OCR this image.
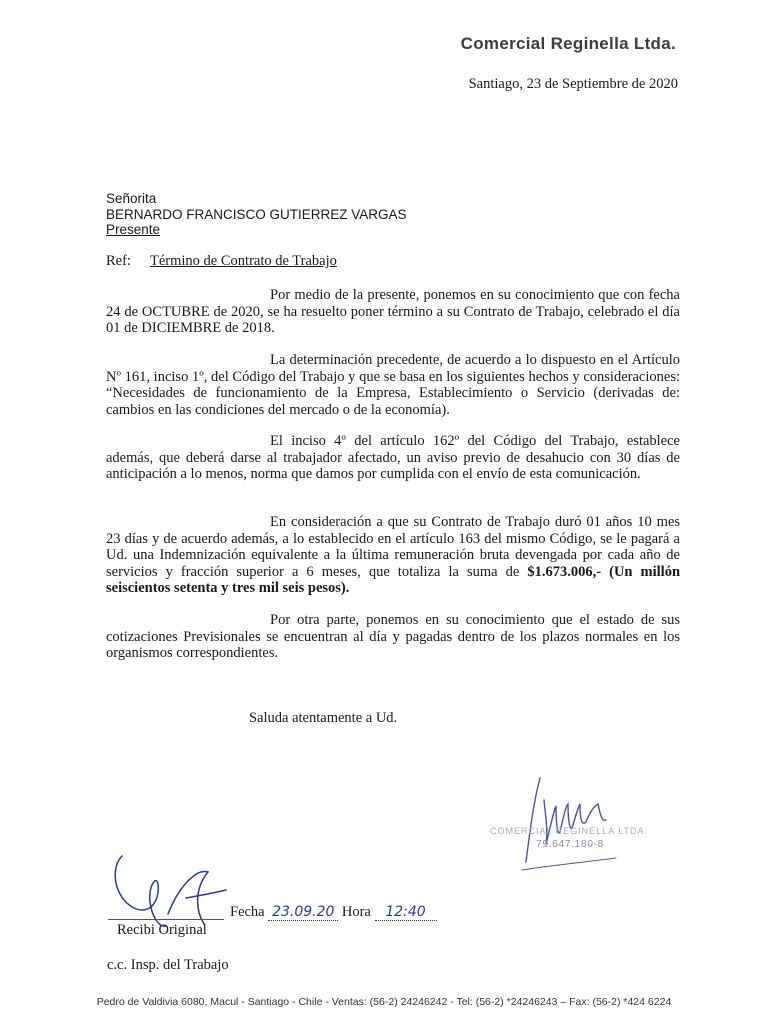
Comercial Reginella Ltda.
Santiago, 23 de Septiembre de 2020
Señorita
BERNARDO FRANCISCO GUTIERREZ VARGAS
Presente
Ref: Término de Contrato de Trabajo

Por medio de la presente, ponemos en su conocimiento que con fecha 24 de OCTUBRE de 2020, se ha resuelto poner término a su Contrato de Trabajo, celebrado el día 01 de DICIEMBRE de 2018.

La determinación precedente, de acuerdo a lo dispuesto en el Artículo Nº 161, inciso 1º, del Código del Trabajo y que se basa en los siguientes hechos y consideraciones: “Necesidades de funcionamiento de la Empresa, Establecimiento o Servicio (derivadas de: cambios en las condiciones del mercado o de la economía).

El inciso 4º del artículo 162º del Código del Trabajo, establece además, que deberá darse al trabajador afectado, un aviso previo de desahucio con 30 días de anticipación a lo menos, norma que damos por cumplida con el envío de esta comunicación.

En consideración a que su Contrato de Trabajo duró 01 años 10 mes 23 días y de acuerdo además, a lo establecido en el artículo 163 del mismo Código, se le pagará a Ud. una Indemnización equivalente a la última remuneración bruta devengada por cada año de servicios y fracción superior a 6 meses, que totaliza la suma de $1.673.006,- (Un millón seiscientos setenta y tres mil seis pesos).

Por otra parte, ponemos en su conocimiento que el estado de sus cotizaciones Previsionales se encuentran al día y pagadas dentro de los plazos normales en los organismos correspondientes.

Saluda atentamente a Ud.
COMERCIAL REGINELLA LTDA.
79.647.180-8
Fecha 23.09.20 Hora 12:40
Recibi Original
c.c. Insp. del Trabajo
Pedro de Valdivia 6080, Macul - Santiago - Chile - Ventas: (56-2) 24246242 - Tel: (56-2) *24246243 – Fax: (56-2) *424 6224
